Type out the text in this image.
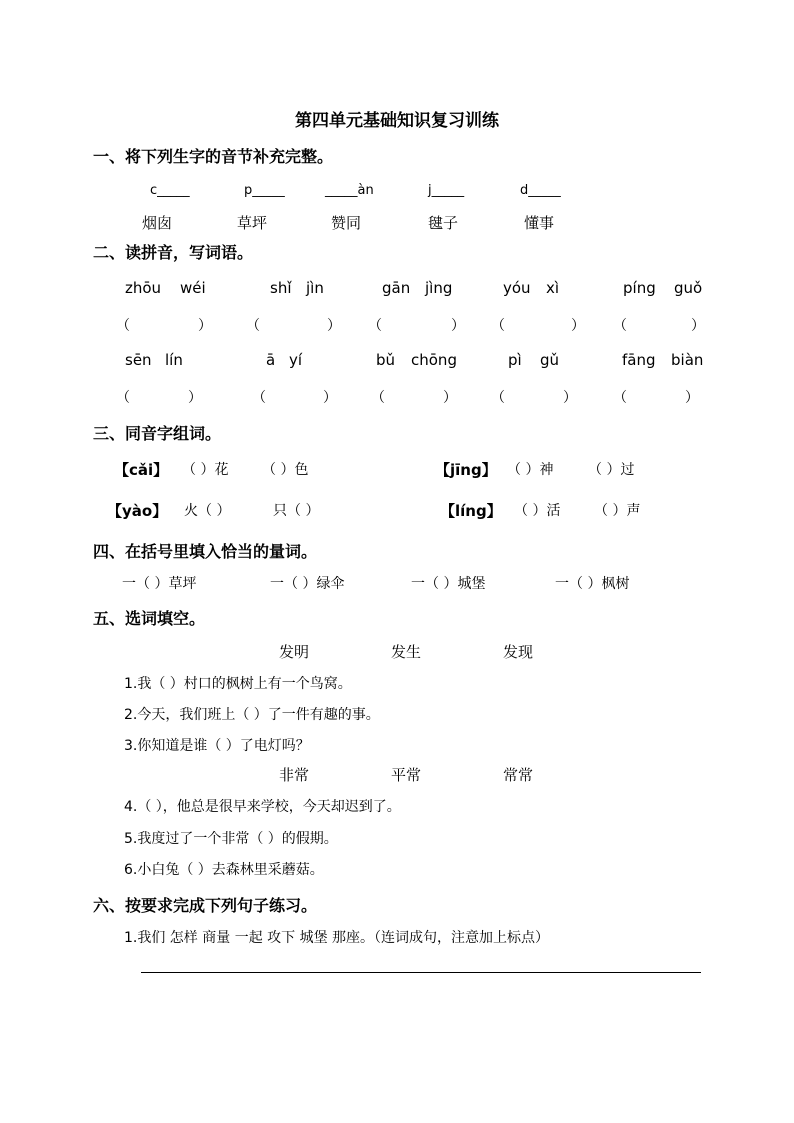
第四单元基础知识复习训练
一、将下列生字的音节补充完整。
c_____	p_____	_____àn	j_____	d_____
烟囱	草坪	赞同	毽子	懂事
二、读拼音，写词语。
zhōu wéi	shǐ jìn	gān jìng	yóu xì	píng guǒ
（	） （	） （	） （	） （	）
sēn lín	ā yí	bǔ chōng	pì gǔ	fāng biàn
（	）	（	） （	） （	）	（	）
三、同音字组词。
【cǎi】 （ ）花 （ ）色	【jīng】 （ ）神 （ ）过
【yào】 火（ ）	只（ ）	【líng】 （ ）活 （ ）声
四、在括号里填入恰当的量词。
一（ ）草坪	一（ ）绿伞	一（ ）城堡	一（ ）枫树
五、选词填空。
发明	发生	发现
1.我（ ）村口的枫树上有一个鸟窝。
2.今天，我们班上（ ）了一件有趣的事。
3.你知道是谁（ ）了电灯吗？
非常	平常	常常
4.（ ），他总是很早来学校，今天却迟到了。
5.我度过了一个非常（ ）的假期。
6.小白兔（ ）去森林里采蘑菇。
六、按要求完成下列句子练习。
1.我们 怎样 商量 一起 攻下 城堡 那座。（连词成句，注意加上标点）
